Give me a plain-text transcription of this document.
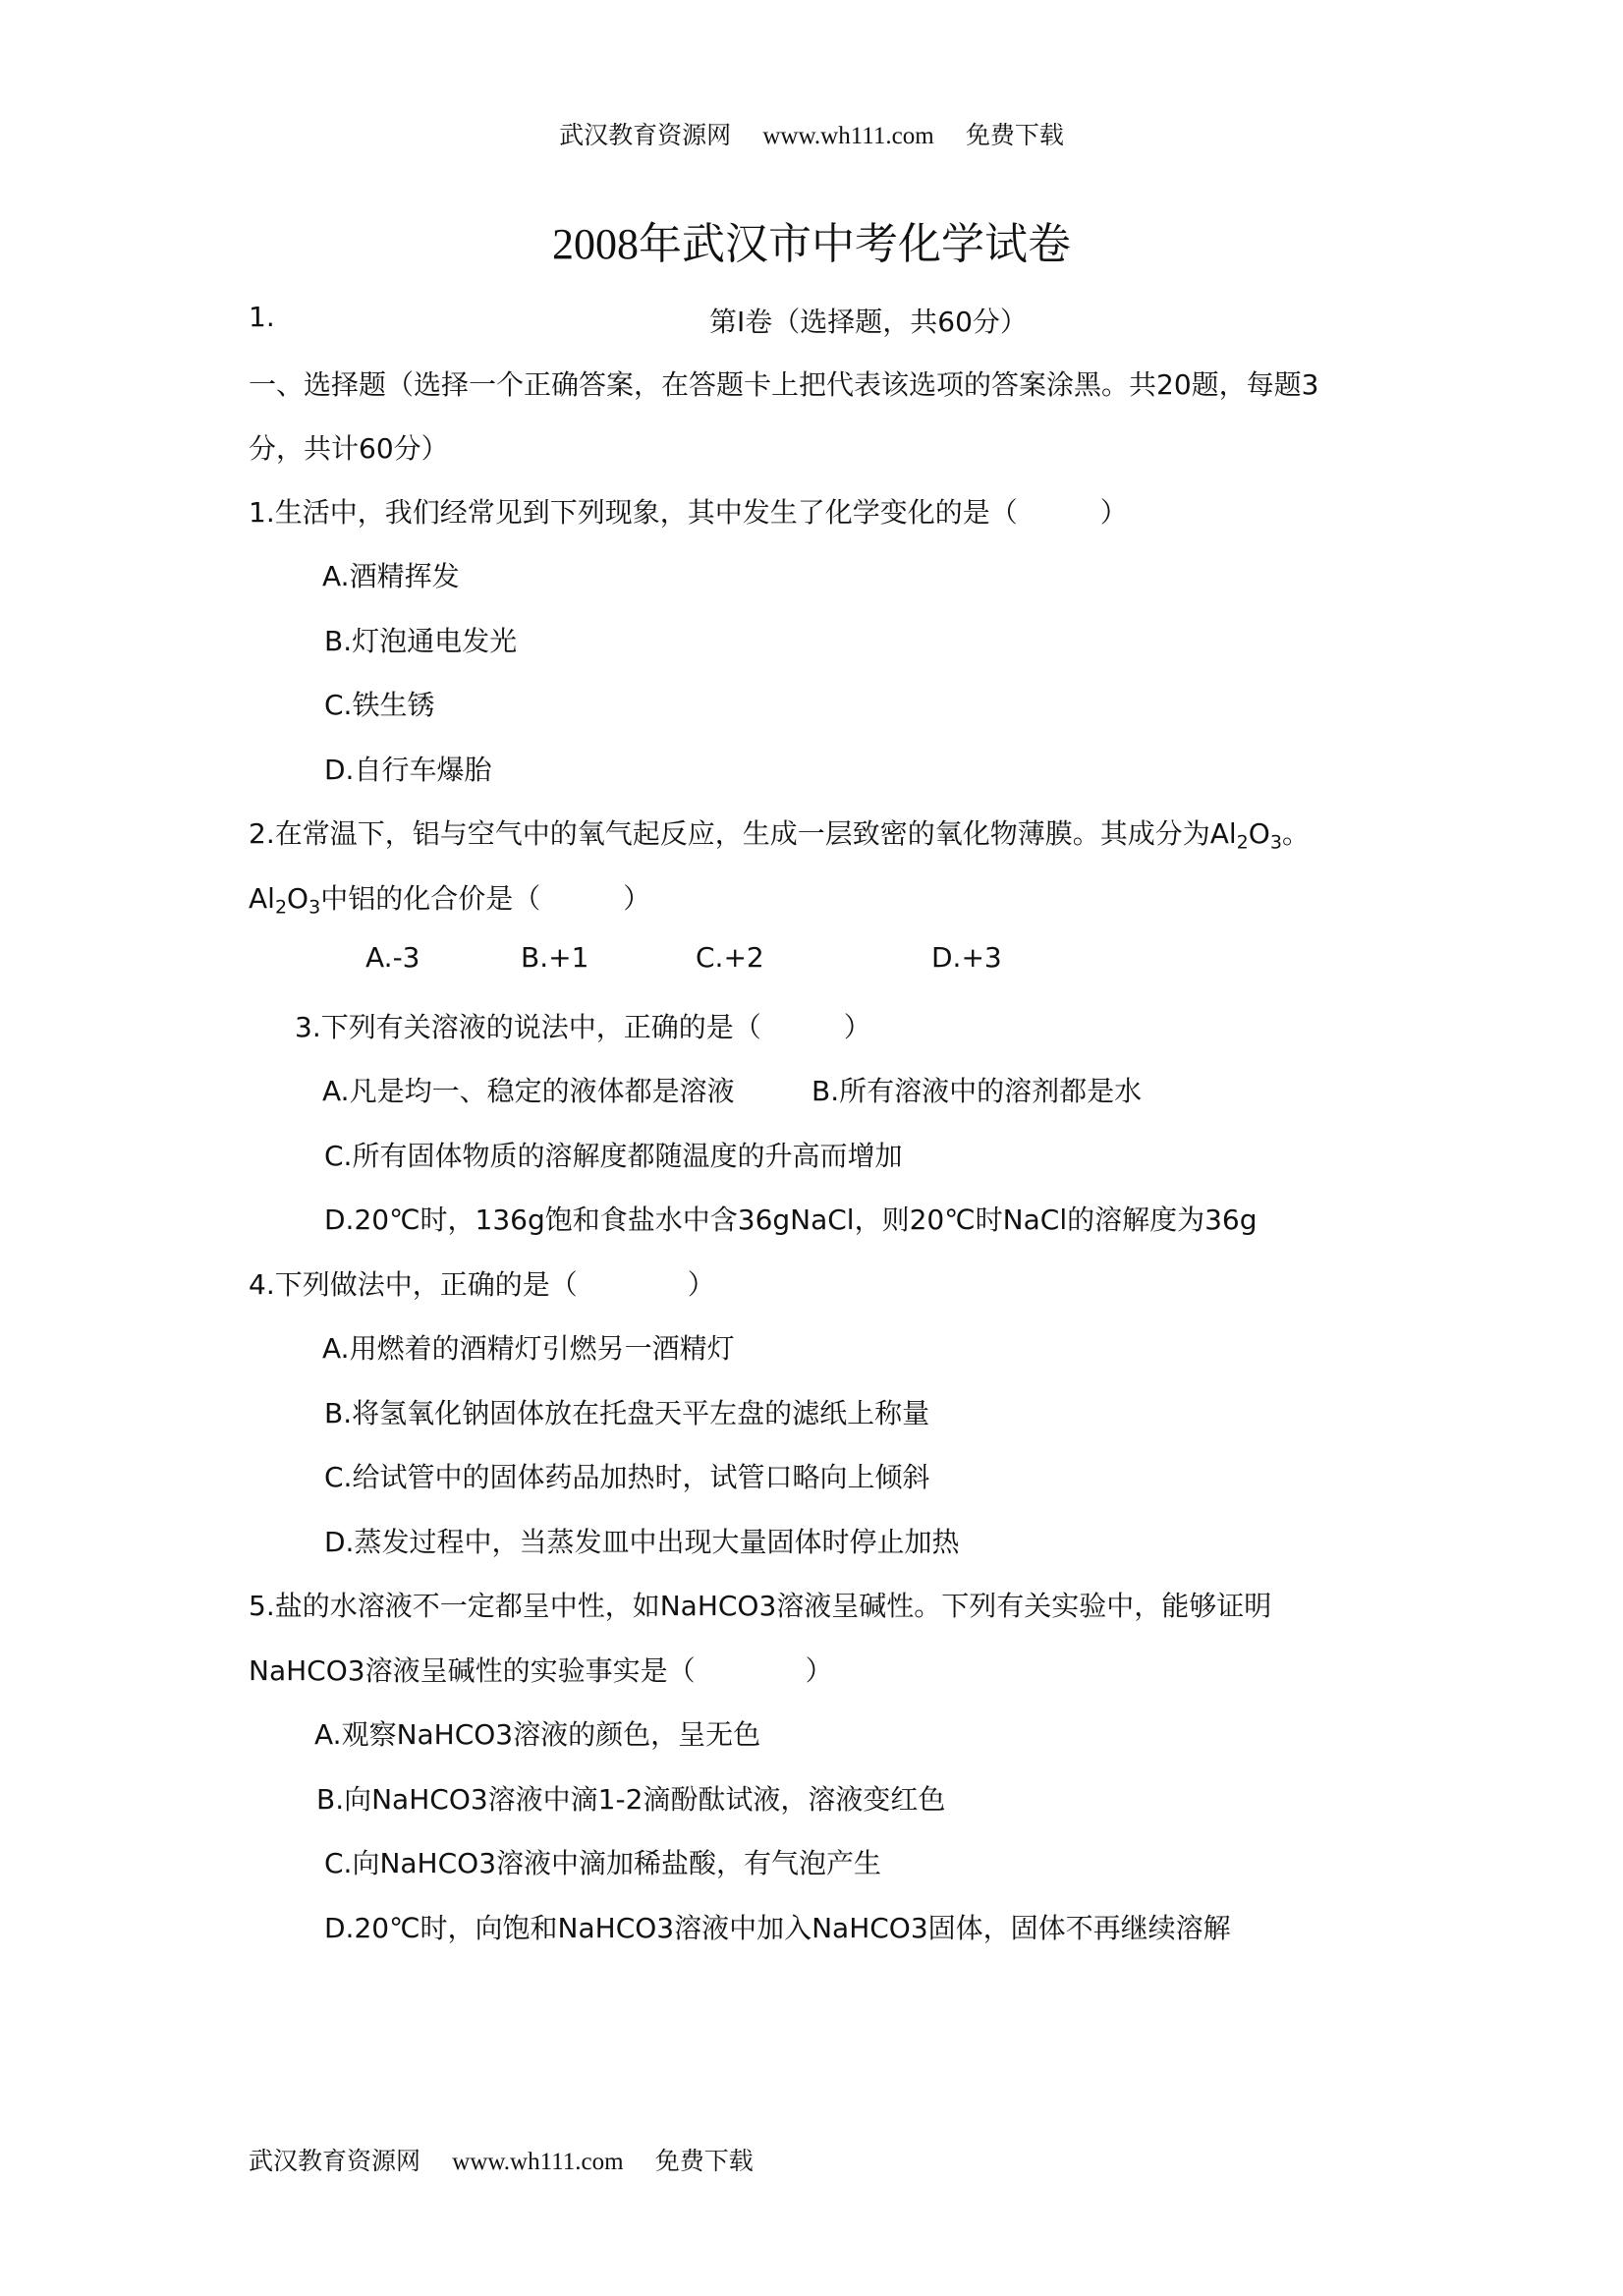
武汉教育资源网 www.wh111.com 免费下载
2008年武汉市中考化学试卷
1.	第Ⅰ卷（选择题，共60分）
一、选择题（选择一个正确答案，在答题卡上把代表该选项的答案涂黑。共20题，每题3
分，共计60分）
1.生活中，我们经常见到下列现象，其中发生了化学变化的是（　　　）
A.酒精挥发
B.灯泡通电发光
C.铁生锈
D.自行车爆胎
2.在常温下，铝与空气中的氧气起反应，生成一层致密的氧化物薄膜。其成分为$Al_2O_3$。
$Al_2O_3$中铝的化合价是（　　　）
A.-3	B.+1	C.+2	D.+3
3.下列有关溶液的说法中，正确的是（　　　）
A.凡是均一、稳定的液体都是溶液	B.所有溶液中的溶剂都是水
C.所有固体物质的溶解度都随温度的升高而增加
D.20℃时，136g饱和食盐水中含36gNaCl，则20℃时NaCl的溶解度为36g
4.下列做法中，正确的是（　　　　）
A.用燃着的酒精灯引燃另一酒精灯
B.将氢氧化钠固体放在托盘天平左盘的滤纸上称量
C.给试管中的固体药品加热时，试管口略向上倾斜
D.蒸发过程中，当蒸发皿中出现大量固体时停止加热
5.盐的水溶液不一定都呈中性，如NaHCO3溶液呈碱性。下列有关实验中，能够证明
NaHCO3溶液呈碱性的实验事实是（　　　　）
A.观察NaHCO3溶液的颜色，呈无色
B.向NaHCO3溶液中滴1-2滴酚酞试液，溶液变红色
C.向NaHCO3溶液中滴加稀盐酸，有气泡产生
D.20℃时，向饱和NaHCO3溶液中加入NaHCO3固体，固体不再继续溶解
武汉教育资源网 www.wh111.com 免费下载
